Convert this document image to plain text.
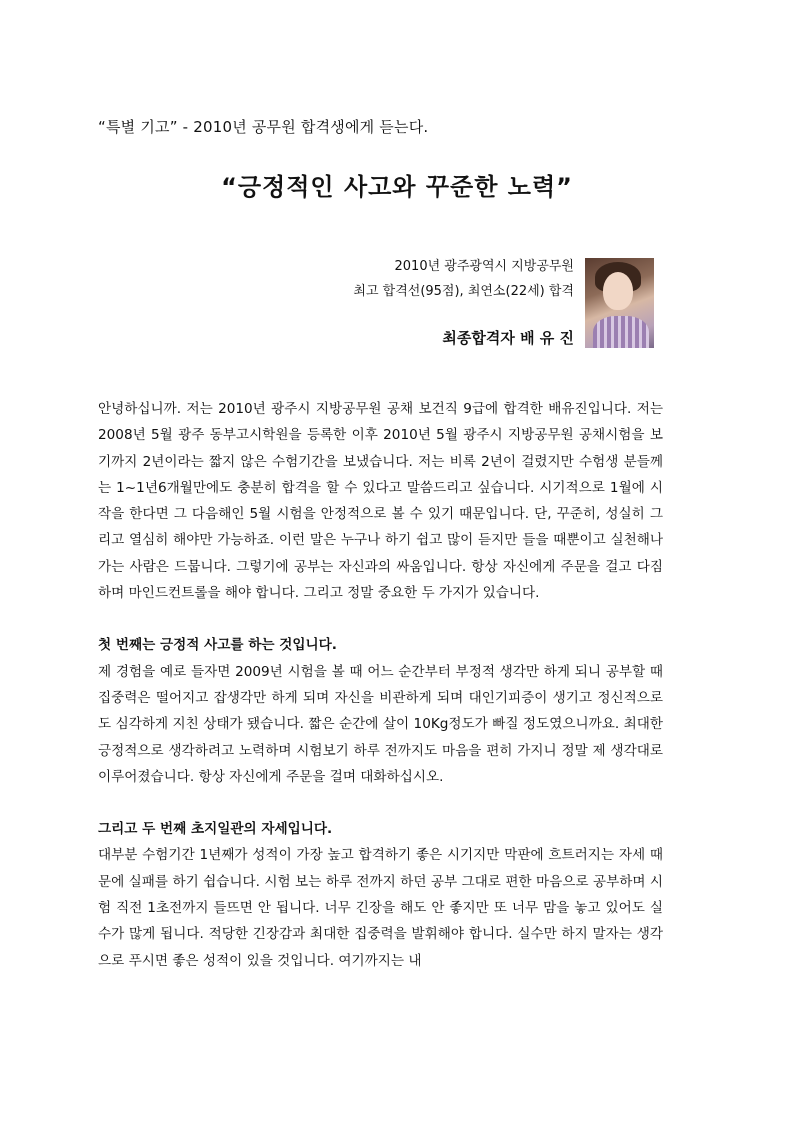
“특별 기고” - 2010년 공무원 합격생에게 듣는다.
“긍정적인 사고와 꾸준한 노력”
2010년 광주광역시 지방공무원
최고 합격선(95점), 최연소(22세) 합격
최종합격자 배 유 진

안녕하십니까. 저는 2010년 광주시 지방공무원 공채 보건직 9급에 합격한 배유진입니다. 저는 2008년 5월 광주 동부고시학원을 등록한 이후 2010년 5월 광주시 지방공무원 공채시험을 보기까지 2년이라는 짧지 않은 수험기간을 보냈습니다. 저는 비록 2년이 걸렸지만 수험생 분들께는 1~1년6개월만에도 충분히 합격을 할 수 있다고 말씀드리고 싶습니다. 시기적으로 1월에 시작을 한다면 그 다음해인 5월 시험을 안정적으로 볼 수 있기 때문입니다. 단, 꾸준히, 성실히 그리고 열심히 해야만 가능하죠. 이런 말은 누구나 하기 쉽고 많이 듣지만 들을 때뿐이고 실천해나가는 사람은 드뭅니다. 그렇기에 공부는 자신과의 싸움입니다. 항상 자신에게 주문을 걸고 다짐하며 마인드컨트롤을 해야 합니다. 그리고 정말 중요한 두 가지가 있습니다.

첫 번째는 긍정적 사고를 하는 것입니다.

제 경험을 예로 들자면 2009년 시험을 볼 때 어느 순간부터 부정적 생각만 하게 되니 공부할 때 집중력은 떨어지고 잡생각만 하게 되며 자신을 비관하게 되며 대인기피증이 생기고 정신적으로도 심각하게 지친 상태가 됐습니다. 짧은 순간에 살이 10Kg정도가 빠질 정도였으니까요. 최대한 긍정적으로 생각하려고 노력하며 시험보기 하루 전까지도 마음을 편히 가지니 정말 제 생각대로 이루어졌습니다. 항상 자신에게 주문을 걸며 대화하십시오.

그리고 두 번째 초지일관의 자세입니다.

대부분 수험기간 1년째가 성적이 가장 높고 합격하기 좋은 시기지만 막판에 흐트러지는 자세 때문에 실패를 하기 쉽습니다. 시험 보는 하루 전까지 하던 공부 그대로 편한 마음으로 공부하며 시험 직전 1초전까지 들뜨면 안 됩니다. 너무 긴장을 해도 안 좋지만 또 너무 맘을 놓고 있어도 실수가 많게 됩니다. 적당한 긴장감과 최대한 집중력을 발휘해야 합니다. 실수만 하지 말자는 생각으로 푸시면 좋은 성적이 있을 것입니다. 여기까지는 내
